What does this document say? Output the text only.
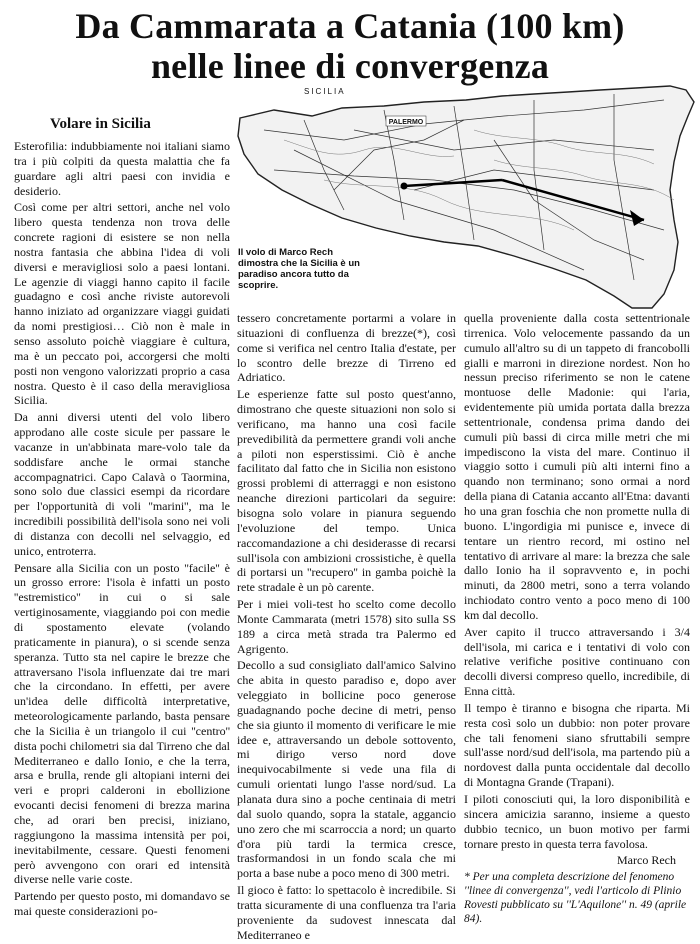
Da Cammarata a Catania (100 km)
nelle linee di convergenza
Volare in Sicilia
SICILIA
PALERMO
Il volo di Marco Rech dimostra che la Sicilia è un paradiso ancora tutto da scoprire.

Esterofilia: indubbiamente noi italiani siamo tra i più colpiti da questa malattia che fa guardare agli altri paesi con invidia e desiderio.

Così come per altri settori, anche nel volo libero questa tendenza non trova delle concrete ragioni di esistere se non nella nostra fantasia che abbina l'idea di voli diversi e meravigliosi solo a paesi lontani. Le agenzie di viaggi hanno capito il facile guadagno e così anche riviste autorevoli hanno iniziato ad organizzare viaggi guidati da nomi prestigiosi… Ciò non è male in senso assoluto poichè viaggiare è cultura, ma è un peccato poi, accorgersi che molti posti non vengono valorizzati proprio a casa nostra. Questo è il caso della meravigliosa Sicilia.

Da anni diversi utenti del volo libero approdano alle coste sicule per passare le vacanze in un'abbinata mare-volo tale da soddisfare anche le ormai stanche accompagnatrici. Capo Calavà o Taormina, sono solo due classici esempi da ricordare per l'opportunità di voli ''marini'', ma le incredibili possibilità dell'isola sono nei voli di distanza con decolli nel selvaggio, ed unico, entroterra.

Pensare alla Sicilia con un posto ''facile'' è un grosso errore: l'isola è infatti un posto ''estremistico'' in cui o si sale vertiginosamente, viaggiando poi con medie di spostamento elevate (volando praticamente in pianura), o si scende senza speranza. Tutto sta nel capire le brezze che attraversano l'isola influenzate dai tre mari che la circondano. In effetti, per avere un'idea delle difficoltà interpretative, meteorologicamente parlando, basta pensare che la Sicilia è un triangolo il cui ''centro'' dista pochi chilometri sia dal Tirreno che dal Mediterraneo e dallo Ionio, e che la terra, arsa e brulla, rende gli altopiani interni dei veri e propri calderoni in ebollizione evocanti decisi fenomeni di brezza marina che, ad orari ben precisi, iniziano, raggiungono la massima intensità per poi, inevitabilmente, cessare. Questi fenomeni però avvengono con orari ed intensità diverse nelle varie coste.

Partendo per questo posto, mi domandavo se mai queste considerazioni po-

tessero concretamente portarmi a volare in situazioni di confluenza di brezze(*), così come si verifica nel centro Italia d'estate, per lo scontro delle brezze di Tirreno ed Adriatico.

Le esperienze fatte sul posto quest'anno, dimostrano che queste situazioni non solo si verificano, ma hanno una così facile prevedibilità da permettere grandi voli anche a piloti non esperstissimi. Ciò è anche facilitato dal fatto che in Sicilia non esistono grossi problemi di atterraggi e non esistono neanche direzioni particolari da seguire: bisogna solo volare in pianura seguendo l'evoluzione del tempo. Unica raccomandazione a chi desiderasse di recarsi sull'isola con ambizioni crossistiche, è quella di portarsi un ''recupero'' in gamba poichè la rete stradale è un pò carente.

Per i miei voli-test ho scelto come decollo Monte Cammarata (metri 1578) sito sulla SS 189 a circa metà strada tra Palermo ed Agrigento.

Decollo a sud consigliato dall'amico Salvino che abita in questo paradiso e, dopo aver veleggiato in bollicine poco generose guadagnando poche decine di metri, penso che sia giunto il momento di verificare le mie idee e, attraversando un debole sottovento, mi dirigo verso nord dove inequivocabilmente si vede una fila di cumuli orientati lungo l'asse nord/sud. La planata dura sino a poche centinaia di metri dal suolo quando, sopra la statale, aggancio uno zero che mi scarroccia a nord; un quarto d'ora più tardi la termica cresce, trasformandosi in un fondo scala che mi porta a base nube a poco meno di 300 metri.

Il gioco è fatto: lo spettacolo è incredibile. Si tratta sicuramente di una confluenza tra l'aria proveniente da sudovest innescata dal Mediterraneo e

quella proveniente dalla costa settentrionale tirrenica. Volo velocemente passando da un cumulo all'altro su di un tappeto di francobolli gialli e marroni in direzione nordest. Non ho nessun preciso riferimento se non le catene montuose delle Madonie: qui l'aria, evidentemente più umida portata dalla brezza settentrionale, condensa prima dando dei cumuli più bassi di circa mille metri che mi impediscono la vista del mare. Continuo il viaggio sotto i cumuli più alti interni fino a quando non terminano; sono ormai a nord della piana di Catania accanto all'Etna: davanti ho una gran foschia che non promette nulla di buono. L'ingordigia mi punisce e, invece di tentare un rientro record, mi ostino nel tentativo di arrivare al mare: la brezza che sale dallo Ionio ha il sopravvento e, in pochi minuti, da 2800 metri, sono a terra volando inchiodato contro vento a poco meno di 100 km dal decollo.

Aver capito il trucco attraversando i 3/4 dell'isola, mi carica e i tentativi di volo con relative verifiche positive continuano con decolli diversi compreso quello, incredibile, di Enna città.

Il tempo è tiranno e bisogna che riparta. Mi resta così solo un dubbio: non poter provare che tali fenomeni siano sfruttabili sempre sull'asse nord/sud dell'isola, ma partendo più a nordovest dalla punta occidentale dal decollo di Montagna Grande (Trapani).

I piloti conosciuti qui, la loro disponibilità e sincera amicizia saranno, insieme a questo dubbio tecnico, un buon motivo per farmi tornare presto in questa terra favolosa.

Marco Rech

* Per una completa descrizione del fenomeno ''linee di convergenza'', vedi l'articolo di Plinio Rovesti pubblicato su ''L'Aquilone'' n. 49 (aprile 84).
